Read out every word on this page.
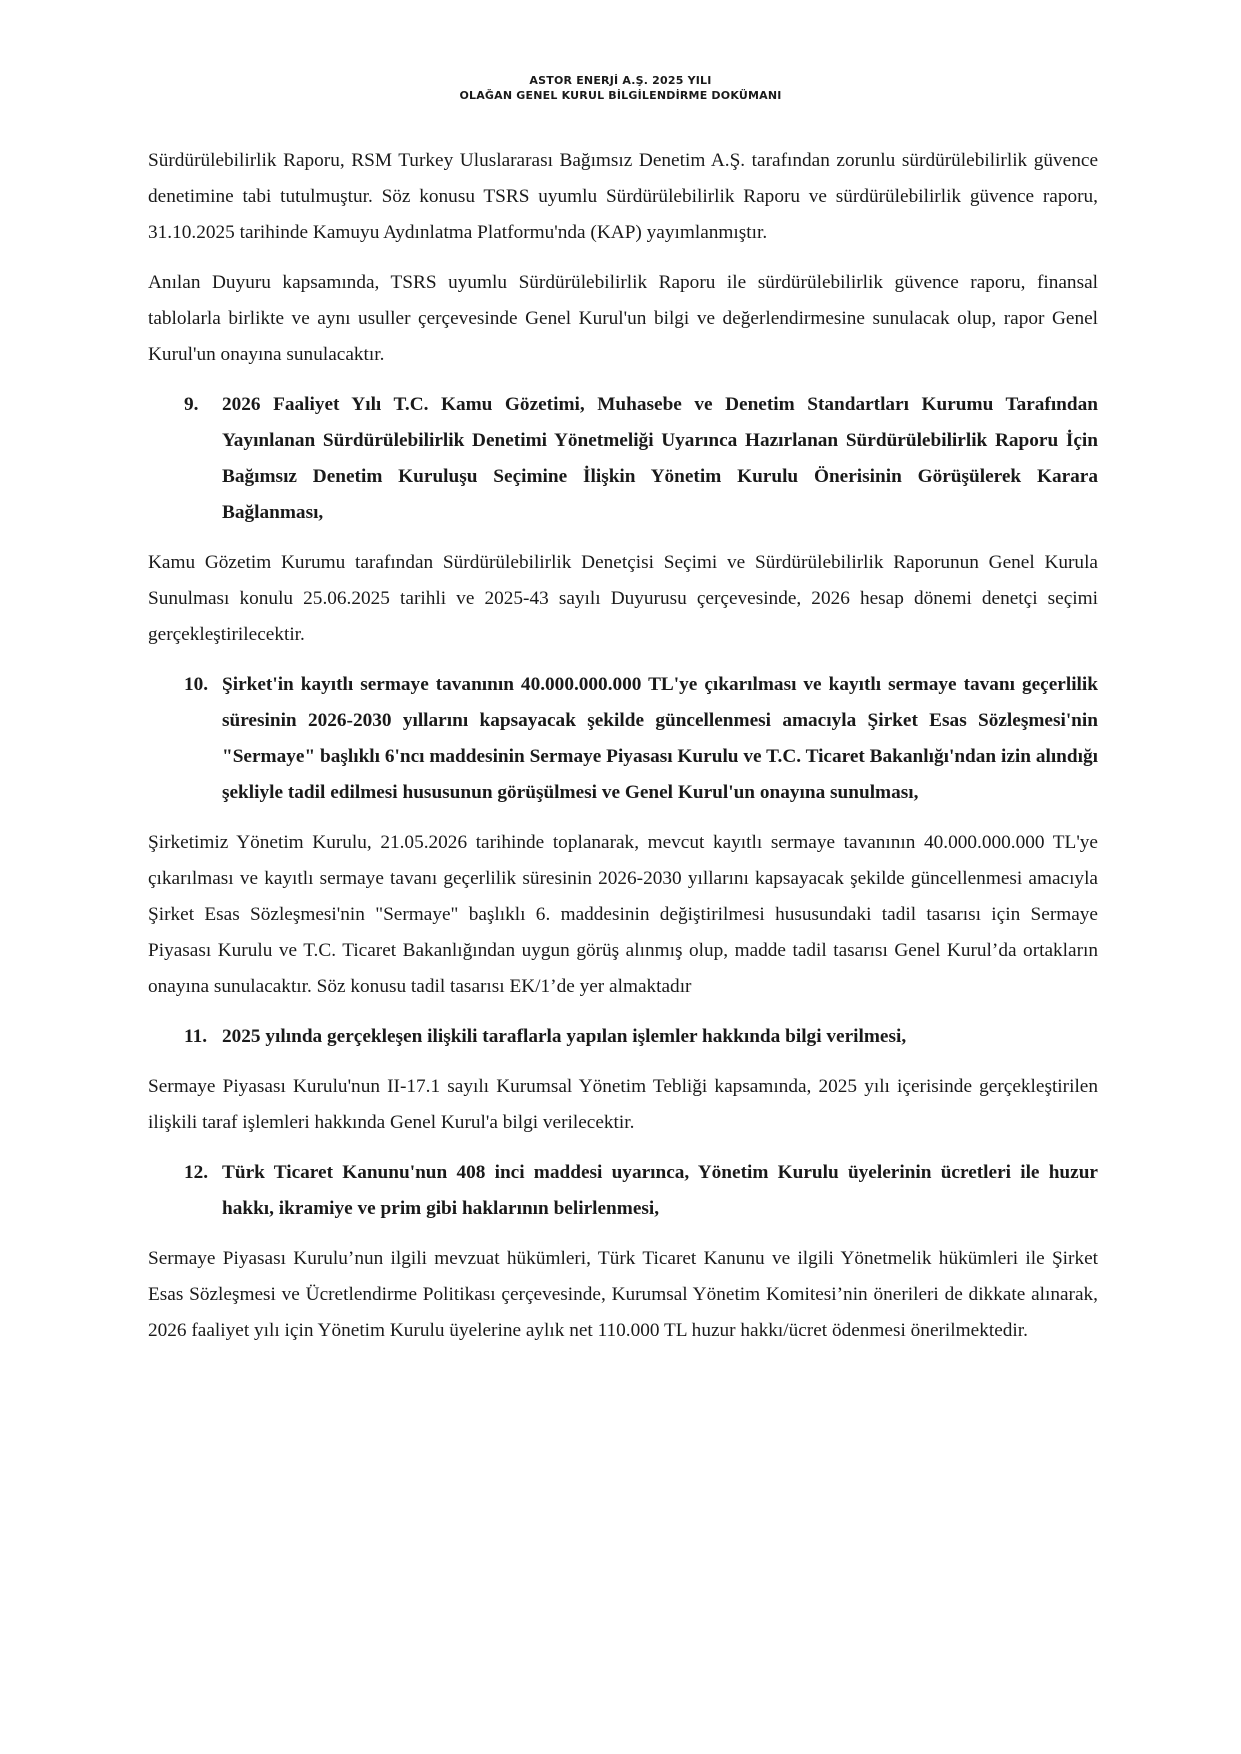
ASTOR ENERJİ A.Ş. 2025 YILI
OLAĞAN GENEL KURUL BİLGİLENDİRME DOKÜMANI

Sürdürülebilirlik Raporu, RSM Turkey Uluslararası Bağımsız Denetim A.Ş. tarafından zorunlu sürdürülebilirlik güvence denetimine tabi tutulmuştur. Söz konusu TSRS uyumlu Sürdürülebilirlik Raporu ve sürdürülebilirlik güvence raporu, 31.10.2025 tarihinde Kamuyu Aydınlatma Platformu'nda (KAP) yayımlanmıştır.

Anılan Duyuru kapsamında, TSRS uyumlu Sürdürülebilirlik Raporu ile sürdürülebilirlik güvence raporu, finansal tablolarla birlikte ve aynı usuller çerçevesinde Genel Kurul'un bilgi ve değerlendirmesine sunulacak olup, rapor Genel Kurul'un onayına sunulacaktır.

9.	2026 Faaliyet Yılı T.C. Kamu Gözetimi, Muhasebe ve Denetim Standartları Kurumu Tarafından Yayınlanan Sürdürülebilirlik Denetimi Yönetmeliği Uyarınca Hazırlanan Sürdürülebilirlik Raporu İçin Bağımsız Denetim Kuruluşu Seçimine İlişkin Yönetim Kurulu Önerisinin Görüşülerek Karara Bağlanması,

Kamu Gözetim Kurumu tarafından Sürdürülebilirlik Denetçisi Seçimi ve Sürdürülebilirlik Raporunun Genel Kurula Sunulması konulu 25.06.2025 tarihli ve 2025-43 sayılı Duyurusu çerçevesinde, 2026 hesap dönemi denetçi seçimi gerçekleştirilecektir.

10. Şirket'in kayıtlı sermaye tavanının 40.000.000.000 TL'ye çıkarılması ve kayıtlı sermaye tavanı geçerlilik süresinin 2026-2030 yıllarını kapsayacak şekilde güncellenmesi amacıyla Şirket Esas Sözleşmesi'nin "Sermaye" başlıklı 6'ncı maddesinin Sermaye Piyasası Kurulu ve T.C. Ticaret Bakanlığı'ndan izin alındığı şekliyle tadil edilmesi hususunun görüşülmesi ve Genel Kurul'un onayına sunulması,

Şirketimiz Yönetim Kurulu, 21.05.2026 tarihinde toplanarak, mevcut kayıtlı sermaye tavanının 40.000.000.000 TL'ye çıkarılması ve kayıtlı sermaye tavanı geçerlilik süresinin 2026-2030 yıllarını kapsayacak şekilde güncellenmesi amacıyla Şirket Esas Sözleşmesi'nin "Sermaye" başlıklı 6. maddesinin değiştirilmesi hususundaki tadil tasarısı için Sermaye Piyasası Kurulu ve T.C. Ticaret Bakanlığından uygun görüş alınmış olup, madde tadil tasarısı Genel Kurul’da ortakların onayına sunulacaktır. Söz konusu tadil tasarısı EK/1’de yer almaktadır

11. 2025 yılında gerçekleşen ilişkili taraflarla yapılan işlemler hakkında bilgi verilmesi,

Sermaye Piyasası Kurulu'nun II-17.1 sayılı Kurumsal Yönetim Tebliği kapsamında, 2025 yılı içerisinde gerçekleştirilen ilişkili taraf işlemleri hakkında Genel Kurul'a bilgi verilecektir.

12. Türk Ticaret Kanunu'nun 408 inci maddesi uyarınca, Yönetim Kurulu üyelerinin ücretleri ile huzur hakkı, ikramiye ve prim gibi haklarının belirlenmesi,

Sermaye Piyasası Kurulu’nun ilgili mevzuat hükümleri, Türk Ticaret Kanunu ve ilgili Yönetmelik hükümleri ile Şirket Esas Sözleşmesi ve Ücretlendirme Politikası çerçevesinde, Kurumsal Yönetim Komitesi’nin önerileri de dikkate alınarak, 2026 faaliyet yılı için Yönetim Kurulu üyelerine aylık net 110.000 TL huzur hakkı/ücret ödenmesi önerilmektedir.
